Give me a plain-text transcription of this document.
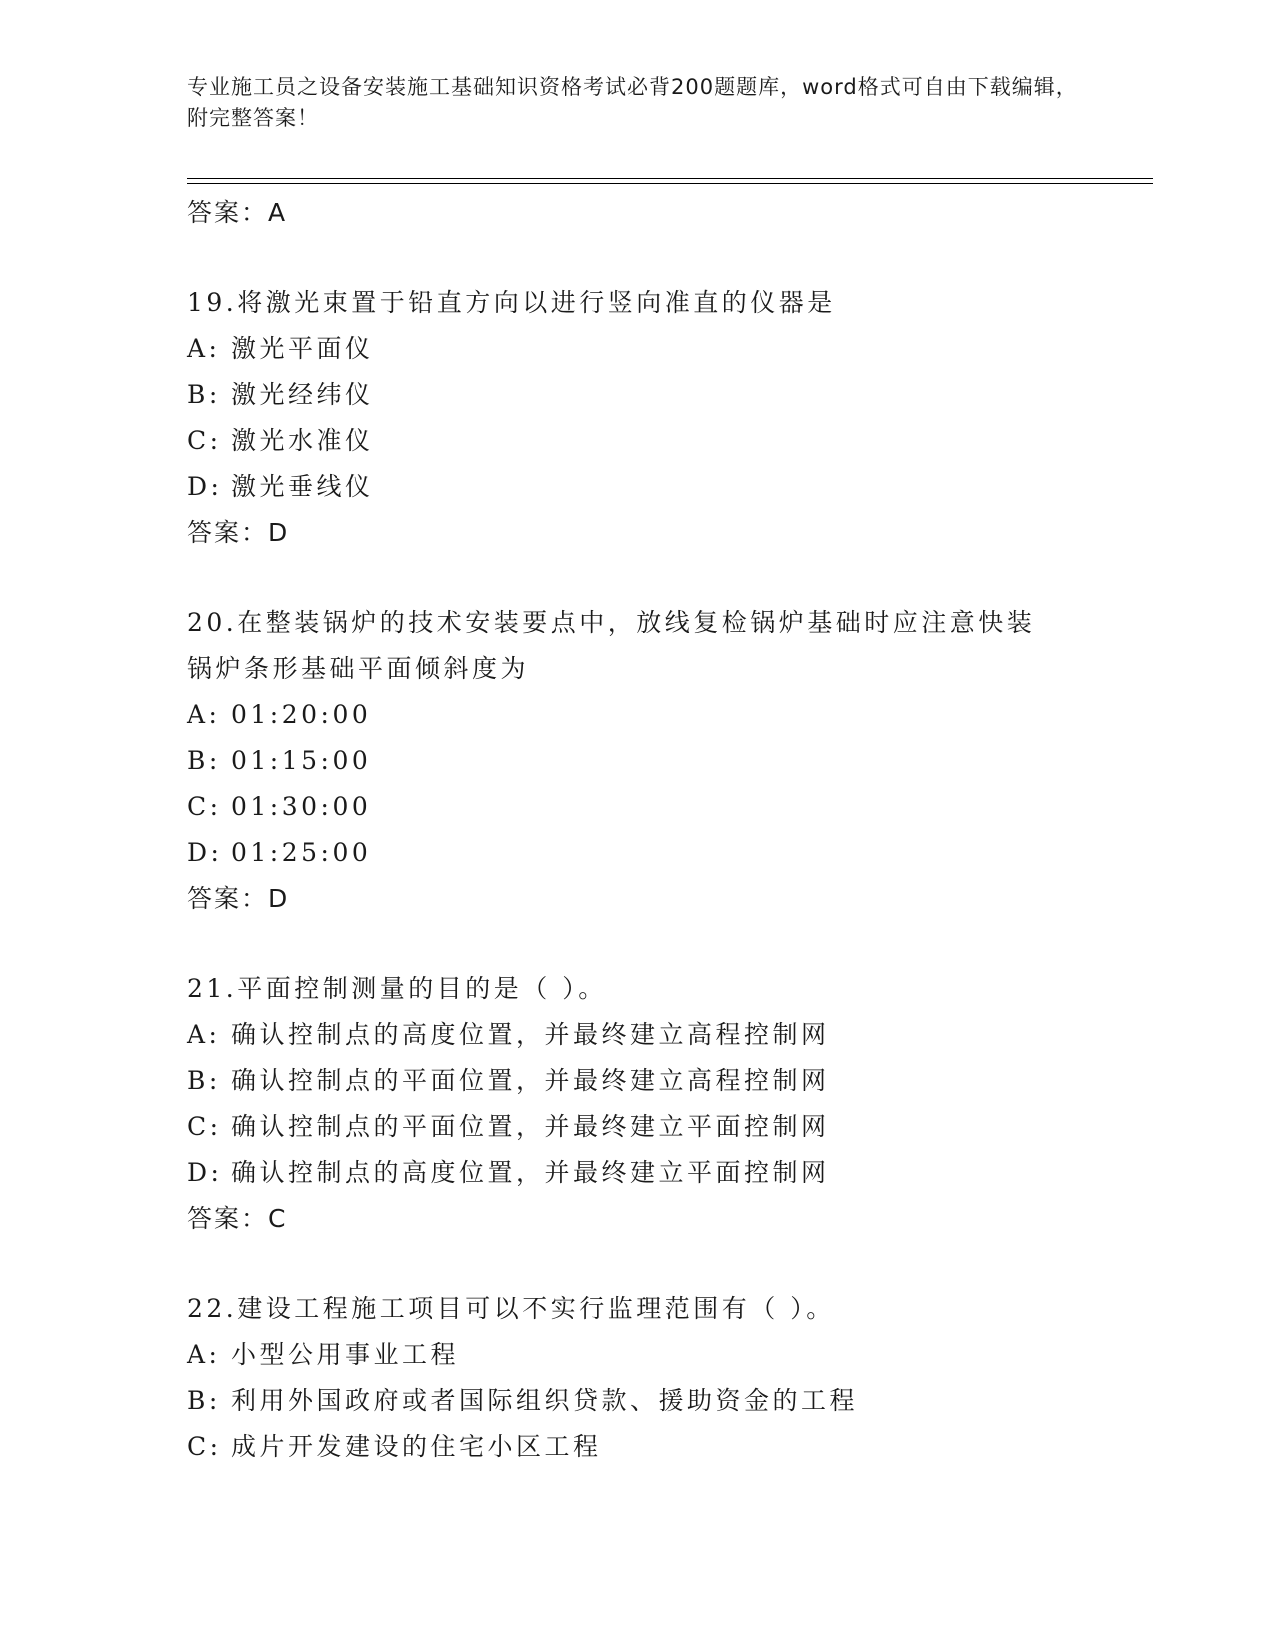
专业施工员之设备安装施工基础知识资格考试必背200题题库，word格式可自由下载编辑，附完整答案！
答案：A
19.将激光束置于铅直方向以进行竖向准直的仪器是
A: 激光平面仪
B: 激光经纬仪
C: 激光水准仪
D: 激光垂线仪
答案：D
20.在整装锅炉的技术安装要点中，放线复检锅炉基础时应注意快装锅炉条形基础平面倾斜度为
A: 01:20:00
B: 01:15:00
C: 01:30:00
D: 01:25:00
答案：D
21.平面控制测量的目的是（ ）。
A: 确认控制点的高度位置，并最终建立高程控制网
B: 确认控制点的平面位置，并最终建立高程控制网
C: 确认控制点的平面位置，并最终建立平面控制网
D: 确认控制点的高度位置，并最终建立平面控制网
答案：C
22.建设工程施工项目可以不实行监理范围有（ ）。
A: 小型公用事业工程
B: 利用外国政府或者国际组织贷款、援助资金的工程
C: 成片开发建设的住宅小区工程
